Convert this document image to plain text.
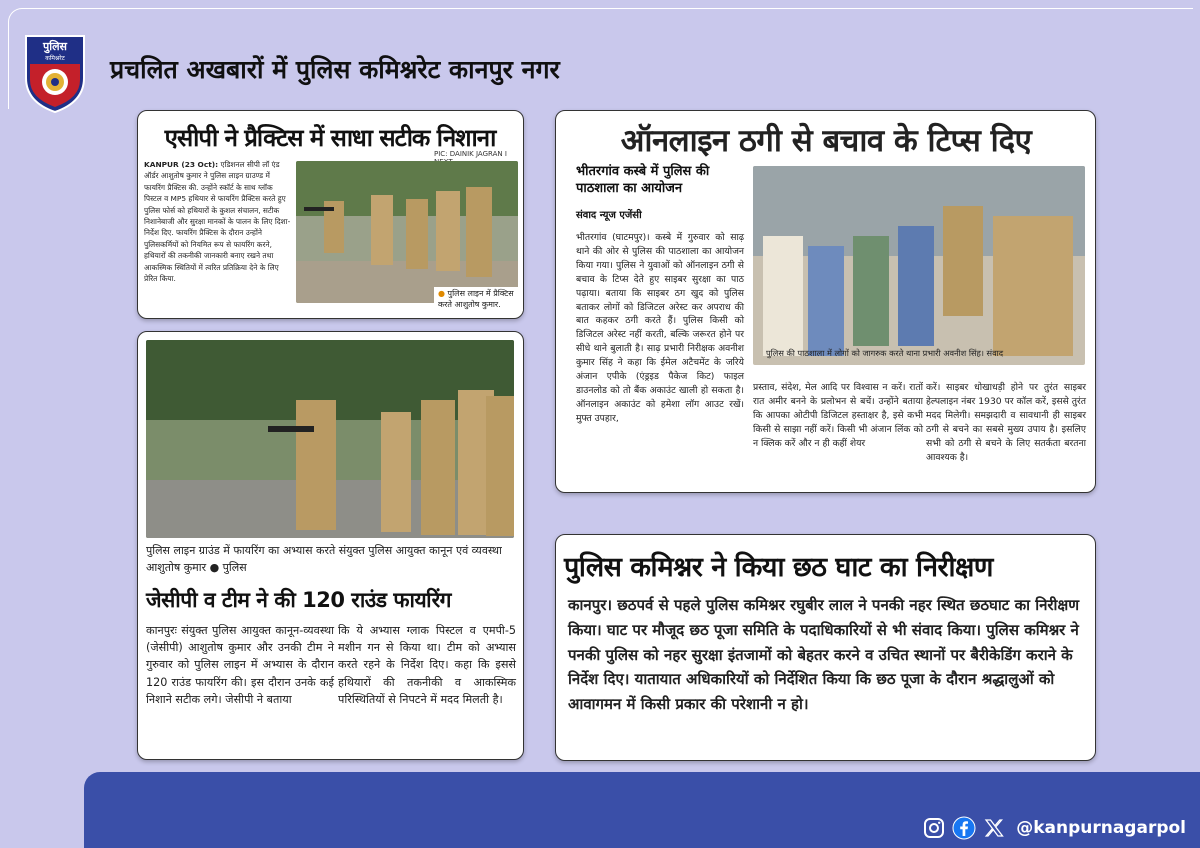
पुलिस
कमिश्नरेट	प्रचलित अखबारों में पुलिस कमिश्नरेट कानपुर नगर
एसीपी ने प्रैक्टिस में साधा सटीक निशाना
PIC: DAINIK JAGRAN I
KANPUR (23 Oct): एडिशनल सीपी लॉ एंड ऑर्डर आशुतोष कुमार ने पुलिस लाइन ग्राउण्ड में फायरिंग प्रैक्टिस की. उन्होंने स्कॉर्ट के साथ ग्लॉक पिस्टल व MP5 हथियार से फायरिंग प्रैक्टिस करते हुए पुलिस फोर्स को हथियारों के कुशल संचालन, सटीक निशानेबाजी और सुरक्षा मानकों के पालन के लिए दिशा-निर्देश दिए. फायरिंग प्रैक्टिस के दौरान उन्होंने पुलिसकर्मियों को नियमित रूप से फायरिंग करने, हथियारों की तकनीकी जानकारी बनाए रखने तथा आकस्मिक स्थितियों में त्वरित प्रतिक्रिया देने के लिए प्रेरित किया.
● पुलिस लाइन में प्रैक्टिस करते आशुतोष कुमार.
पुलिस लाइन ग्राउंड में फायरिंग का अभ्यास करते संयुक्त पुलिस आयुक्त कानून एवं व्यवस्था आशुतोष कुमार ● पुलिस
जेसीपी व टीम ने की 120 राउंड फायरिंग
कानपुरः संयुक्त पुलिस आयुक्त कानून-व्यवस्था (जेसीपी) आशुतोष कुमार और उनकी टीम ने गुरुवार को पुलिस लाइन में अभ्यास के दौरान 120 राउंड फायरिंग की। इस दौरान उनके कई निशाने सटीक लगे। जेसीपी ने बताया
कि ये अभ्यास ग्लाक पिस्टल व एमपी-5 मशीन गन से किया था। टीम को अभ्यास करते रहने के निर्देश दिए। कहा कि इससे हथियारों की तकनीकी व आकस्मिक परिस्थितियों से निपटने में मदद मिलती है।
ऑनलाइन ठगी से बचाव के टिप्स दिए
भीतरगांव कस्बे में पुलिस की पाठशाला का आयोजन
संवाद न्यूज एजेंसी
भीतरगांव (घाटमपुर)। कस्बे में गुरुवार को साढ़ थाने की ओर से पुलिस की पाठशाला का आयोजन किया गया। पुलिस ने युवाओं को ऑनलाइन ठगी से बचाव के टिप्स देते हुए साइबर सुरक्षा का पाठ पढ़ाया। बताया कि साइबर ठग खुद को पुलिस बताकर लोगों को डिजिटल अरेस्ट कर अपराध की बात कहकर ठगी करते हैं। पुलिस किसी को डिजिटल अरेस्ट नहीं करती, बल्कि जरूरत होने पर सीधे थाने बुलाती है। साढ़ प्रभारी निरीक्षक अवनीश कुमार सिंह ने कहा कि ईमेल अटैचमेंट के जरिये अंजान एपीके (एंड्रइड पैकेज किट) फाइल डाउनलोड को तो बैंक अकाउंट खाली हो सकता है। ऑनलाइन अकाउंट को हमेशा लॉग आउट रखें। मुफ्त उपहार,
पुलिस की पाठशाला में लोगों को जागरुक करते थाना प्रभारी अवनीश सिंह। संवाद
प्रस्ताव, संदेश, मेल आदि पर विश्वास न करें। रातों रात अमीर बनने के प्रलोभन से बचें। उन्होंने बताया कि आपका ओटीपी डिजिटल हस्ताक्षर है, इसे कभी किसी से साझा नहीं करें। किसी भी अंजान लिंक को न क्लिक करें और न ही कहीं शेयर
करें। साइबर धोखाधड़ी होने पर तुरंत साइबर हेल्पलाइन नंबर 1930 पर कॉल करें, इससे तुरंत मदद मिलेगी। समझदारी व सावधानी ही साइबर ठगी से बचने का सबसे मुख्य उपाय है। इसलिए सभी को ठगी से बचने के लिए सतर्कता बरतना आवश्यक है।
पुलिस कमिश्नर ने किया छठ घाट का निरीक्षण
कानपुर। छठपर्व से पहले पुलिस कमिश्नर रघुबीर लाल ने पनकी नहर स्थित छठघाट का निरीक्षण किया। घाट पर मौजूद छठ पूजा समिति के पदाधिकारियों से भी संवाद किया। पुलिस कमिश्नर ने पनकी पुलिस को नहर सुरक्षा इंतजामों को बेहतर करने व उचित स्थानों पर बैरीकेडिंग कराने के निर्देश दिए। यातायात अधिकारियों को निर्देशित किया कि छठ पूजा के दौरान श्रद्धालुओं को आवागमन में किसी प्रकार की परेशानी न हो।
@kanpurnagarpol
